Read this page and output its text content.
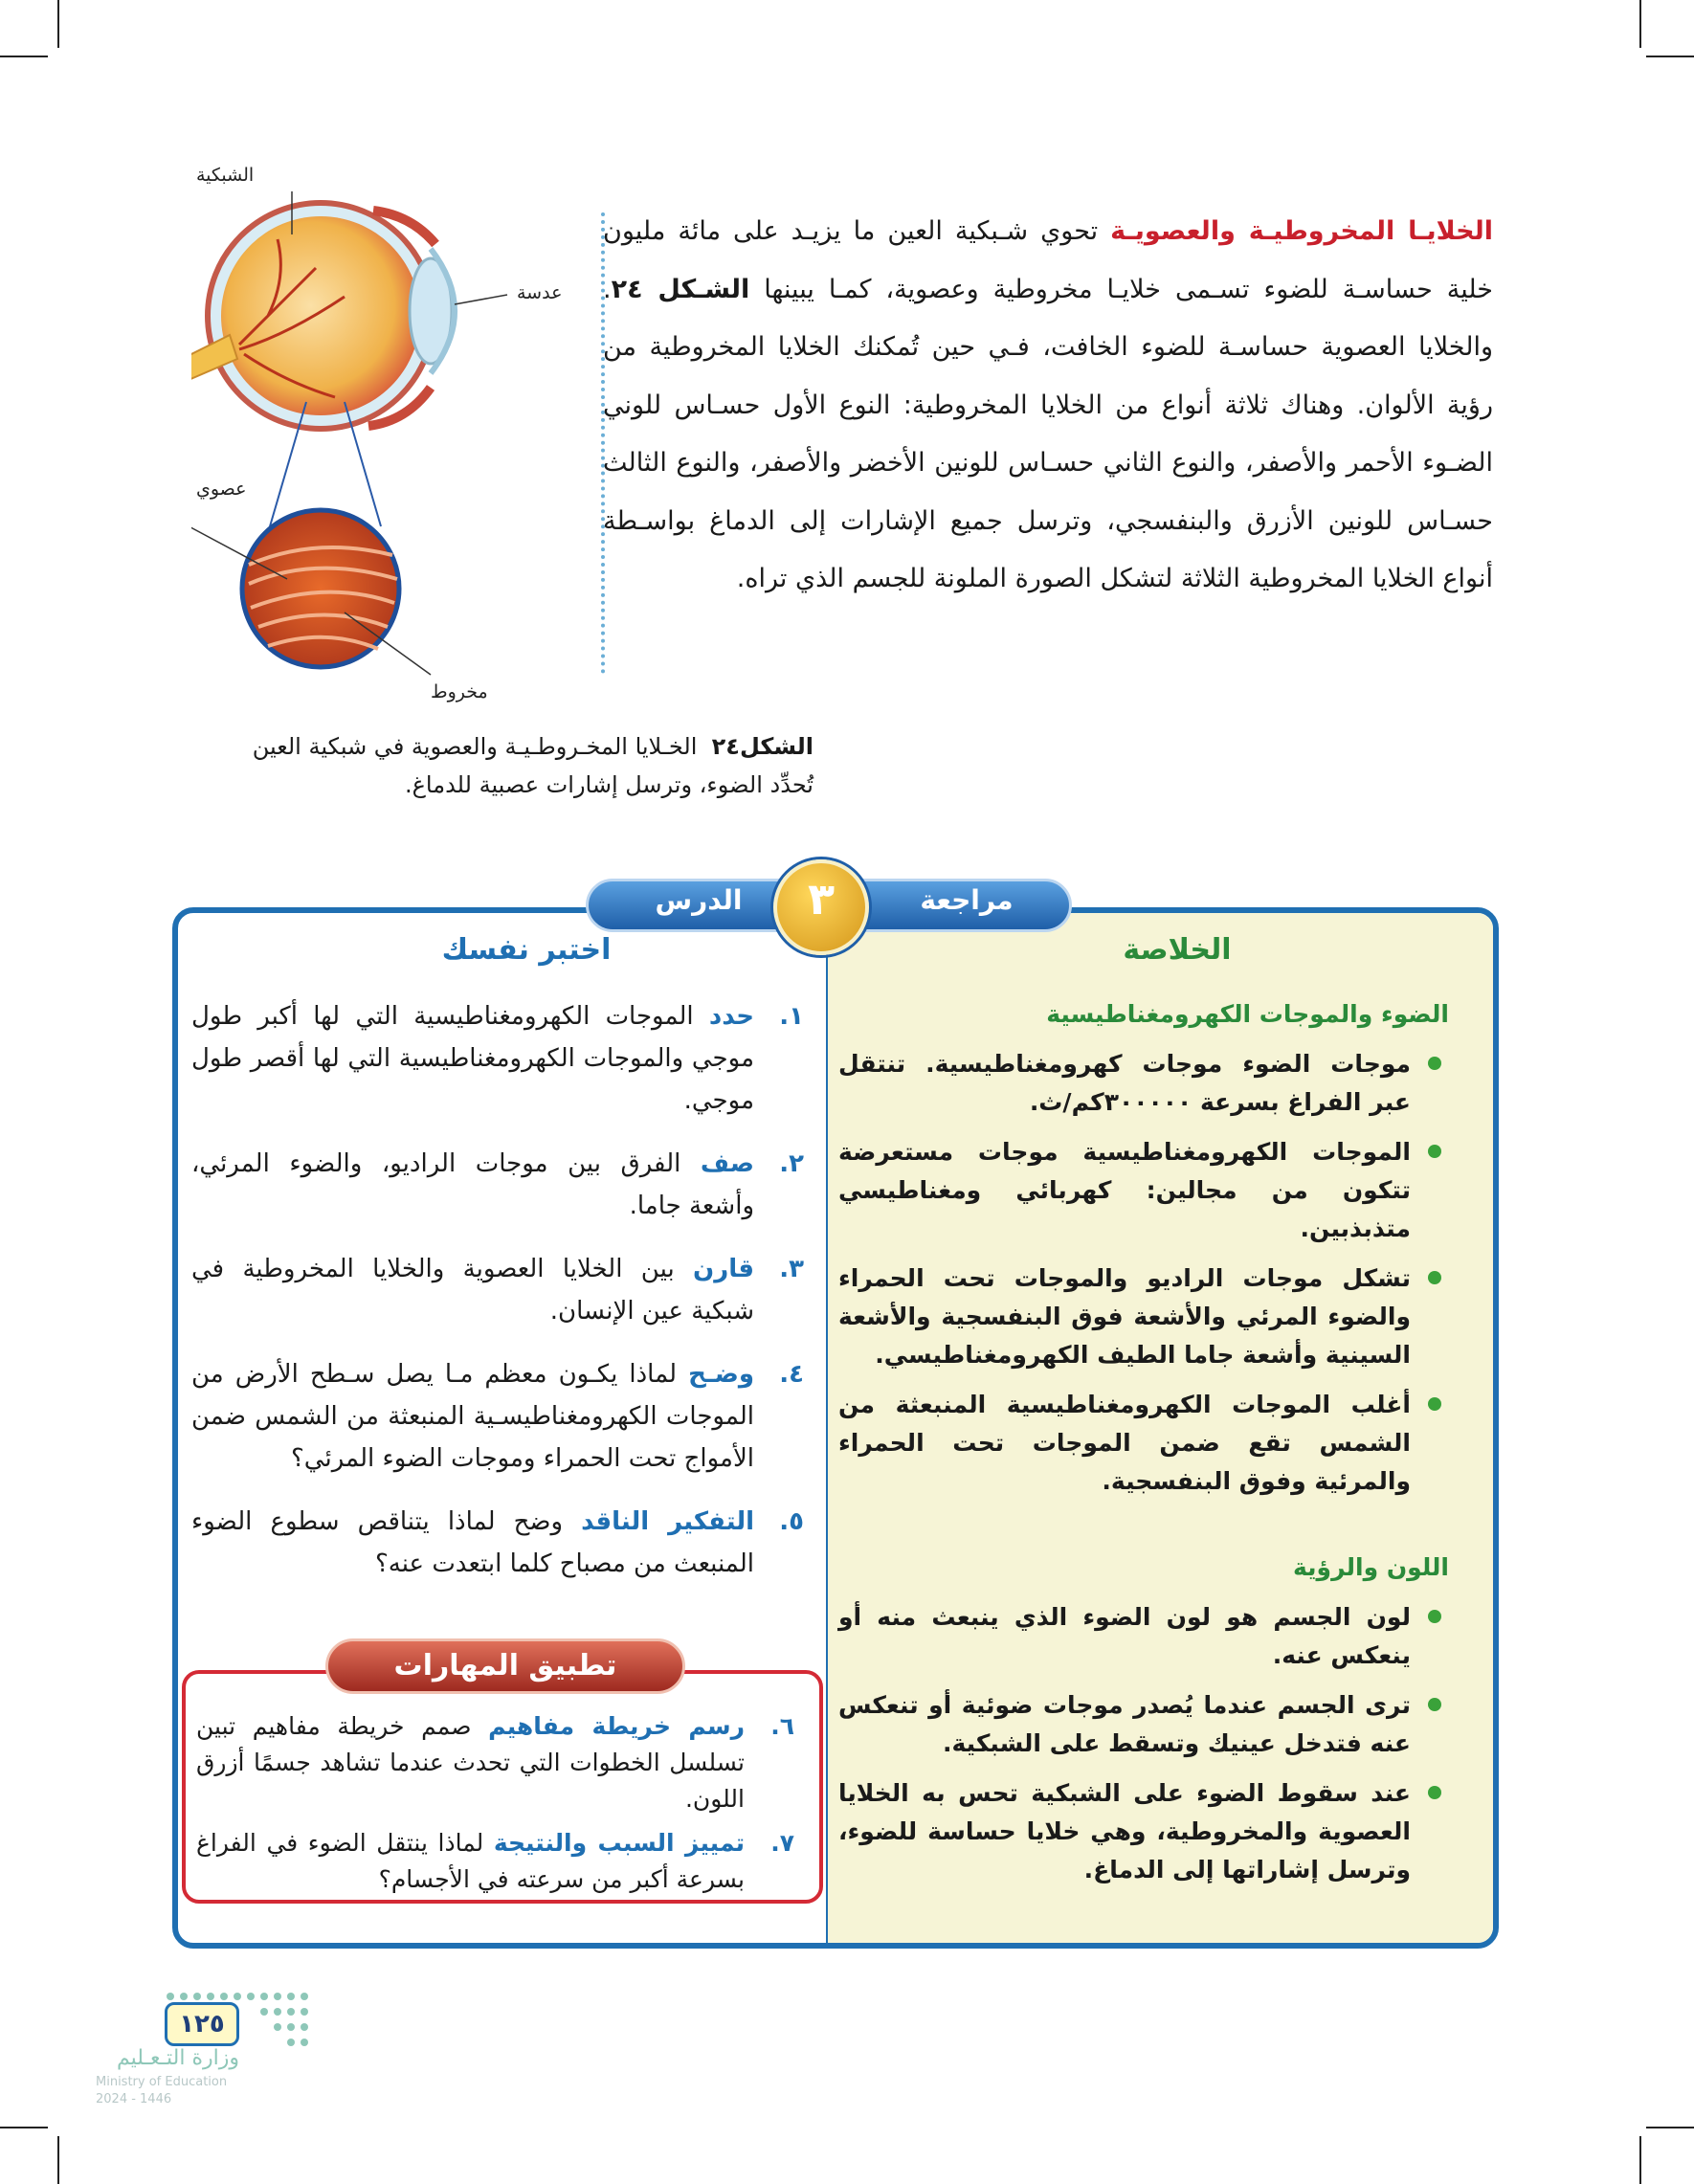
الشبكية
عدسة
عصوي
مخروط
الخلايـا المخروطيـة والعصويـة تحوي شـبكية العين ما يزيـد على مائة مليون خلية حساسـة للضوء تسـمى خلايـا مخروطية وعصوية، كمـا يبينها الشـكل ٢٤. والخلايا العصوية حساسـة للضوء الخافت، فـي حين تُمكنك الخلايا المخروطية من رؤية الألوان. وهناك ثلاثة أنواع من الخلايا المخروطية: النوع الأول حسـاس للوني الضـوء الأحمر والأصفر، والنوع الثاني حسـاس للونين الأخضر والأصفر، والنوع الثالث حسـاس للونين الأزرق والبنفسجي، وترسل جميع الإشارات إلى الدماغ بواسـطة أنواع الخلايا المخروطية الثلاثة لتشكل الصورة الملونة للجسم الذي تراه.
الشكل٢٤  الخـلايا المخـروطـيـة والعصوية في شبكية العين تُحدِّد الضوء، وترسل إشارات عصبية للدماغ.
مراجعة
الدرس	٣
الخلاصة
الضوء والموجات الكهرومغناطيسية
موجات الضوء موجات كهرومغناطيسية. تنتقل عبر الفراغ بسرعة ٣٠٠٠٠٠كم/ث.
الموجات الكهرومغناطيسية موجات مستعرضة تتكون من مجالين: كهربائي ومغناطيسي متذبذبين.
تشكل موجات الراديو والموجات تحت الحمراء والضوء المرئي والأشعة فوق البنفسجية والأشعة السينية وأشعة جاما الطيف الكهرومغناطيسي.
أغلب الموجات الكهرومغناطيسية المنبعثة من الشمس تقع ضمن الموجات تحت الحمراء والمرئية وفوق البنفسجية.
اللون والرؤية
لون الجسم هو لون الضوء الذي ينبعث منه أو ينعكس عنه.
ترى الجسم عندما يُصدر موجات ضوئية أو تنعكس عنه فتدخل عينيك وتسقط على الشبكية.
عند سقوط الضوء على الشبكية تحس به الخلايا العصوية والمخروطية، وهي خلايا حساسة للضوء، وترسل إشاراتها إلى الدماغ.
اختبر نفسك
١.
حدد الموجات الكهرومغناطيسية التي لها أكبر طول موجي والموجات الكهرومغناطيسية التي لها أقصر طول موجي.
٢.
صف الفرق بين موجات الراديو، والضوء المرئي، وأشعة جاما.
٣.
قارن بين الخلايا العصوية والخلايا المخروطية في شبكية عين الإنسان.
٤.
وضـح لماذا يكـون معظم مـا يصل سـطح الأرض من الموجات الكهرومغناطيسـية المنبعثة من الشمس ضمن الأمواج تحت الحمراء وموجات الضوء المرئي؟
٥.
التفكير الناقد وضح لماذا يتناقص سطوع الضوء المنبعث من مصباح كلما ابتعدت عنه؟
تطبيق المهارات
٦.
رسم خريطة مفاهيم صمم خريطة مفاهيم تبين تسلسل الخطوات التي تحدث عندما تشاهد جسمًا أزرق اللون.
٧.
تمييز السبب والنتيجة لماذا ينتقل الضوء في الفراغ بسرعة أكبر من سرعته في الأجسام؟
١٢٥
وزارة التـعـليم
Ministry of Education
2024 - 1446
